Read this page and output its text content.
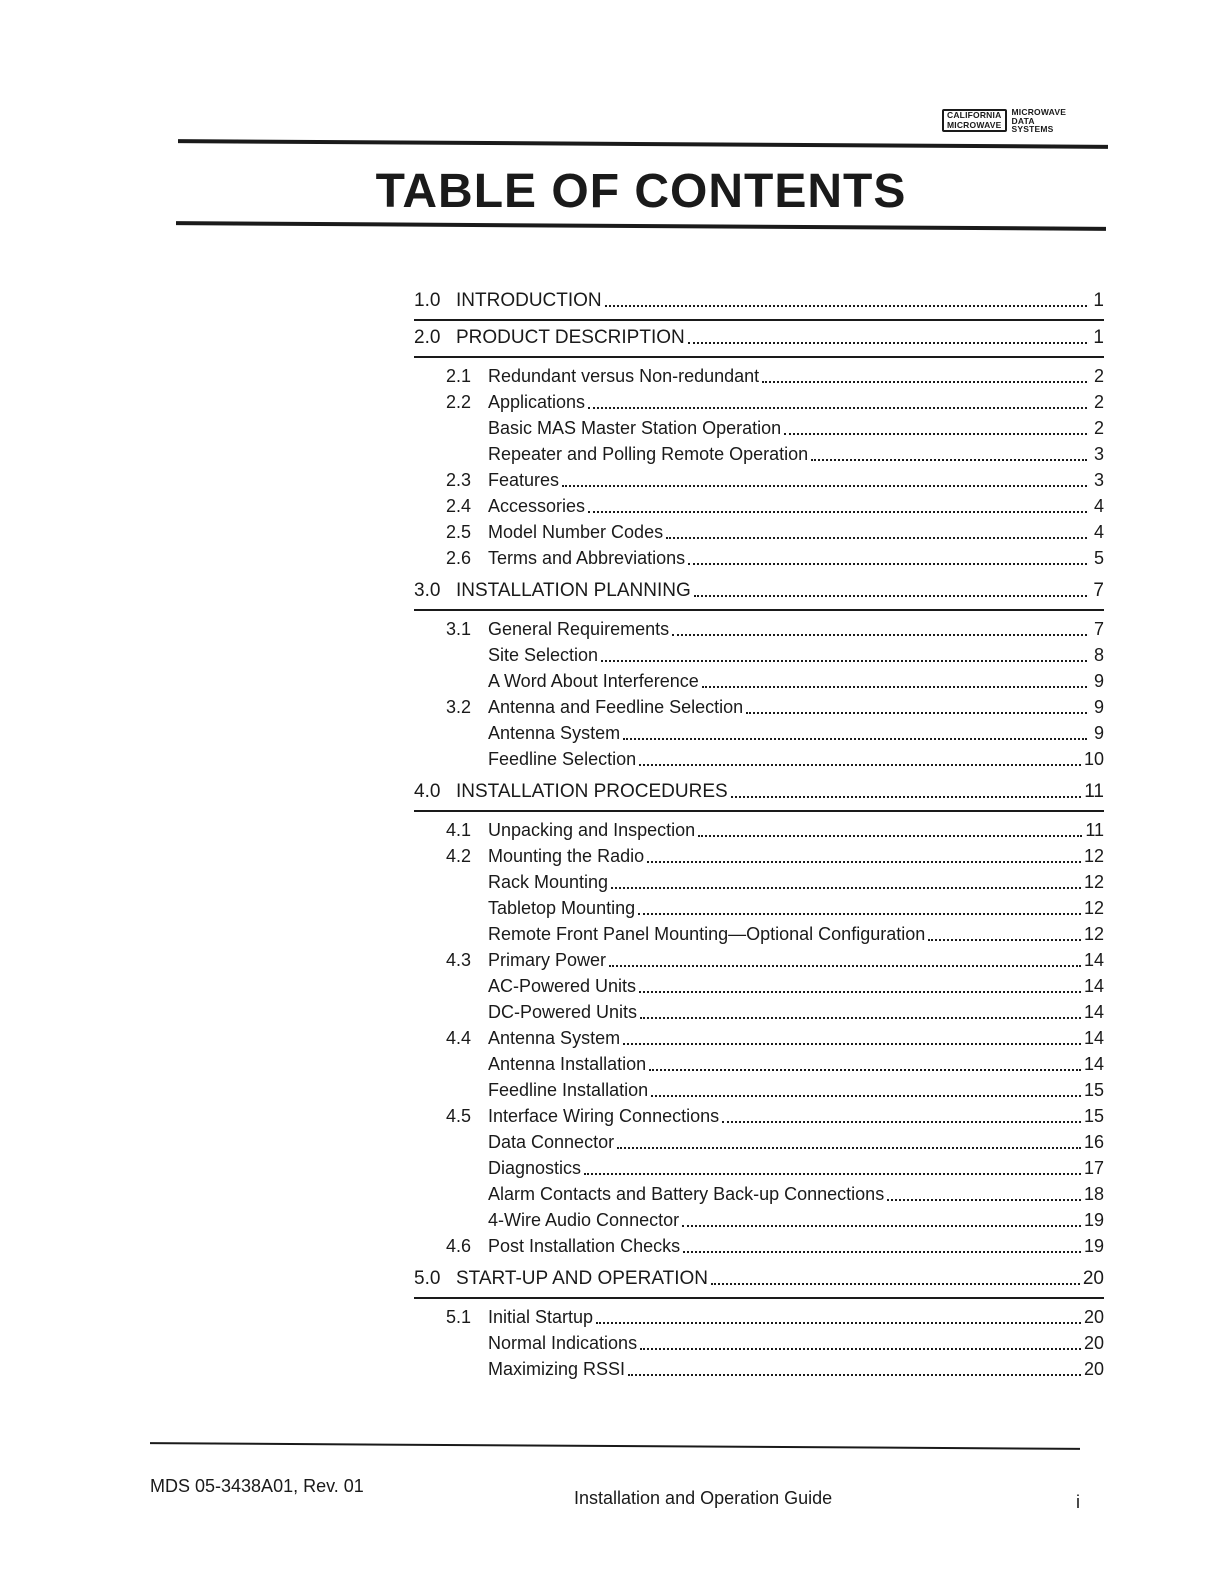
CALIFORNIA
MICROWAVE
MICROWAVE
DATA
SYSTEMS
TABLE OF CONTENTS
1.0 INTRODUCTION	1
2.0 PRODUCT DESCRIPTION	1
2.1 Redundant versus Non-redundant	2
2.2 Applications	2
Basic MAS Master Station Operation	2
Repeater and Polling Remote Operation	3
2.3 Features	3
2.4 Accessories	4
2.5 Model Number Codes	4
2.6 Terms and Abbreviations	5
3.0 INSTALLATION PLANNING	7
3.1 General Requirements	7
Site Selection	8
A Word About Interference	9
3.2 Antenna and Feedline Selection	9
Antenna System	9
Feedline Selection	10
4.0 INSTALLATION PROCEDURES	11
4.1 Unpacking and Inspection	11
4.2 Mounting the Radio	12
Rack Mounting	12
Tabletop Mounting	12
Remote Front Panel Mounting—Optional Configuration	12
4.3 Primary Power	14
AC-Powered Units	14
DC-Powered Units	14
4.4 Antenna System	14
Antenna Installation	14
Feedline Installation	15
4.5 Interface Wiring Connections	15
Data Connector	16
Diagnostics	17
Alarm Contacts and Battery Back-up Connections	18
4-Wire Audio Connector	19
4.6 Post Installation Checks	19
5.0 START-UP AND OPERATION	20
5.1 Initial Startup	20
Normal Indications	20
Maximizing RSSI	20
MDS 05-3438A01, Rev. 01
Installation and Operation Guide	i
